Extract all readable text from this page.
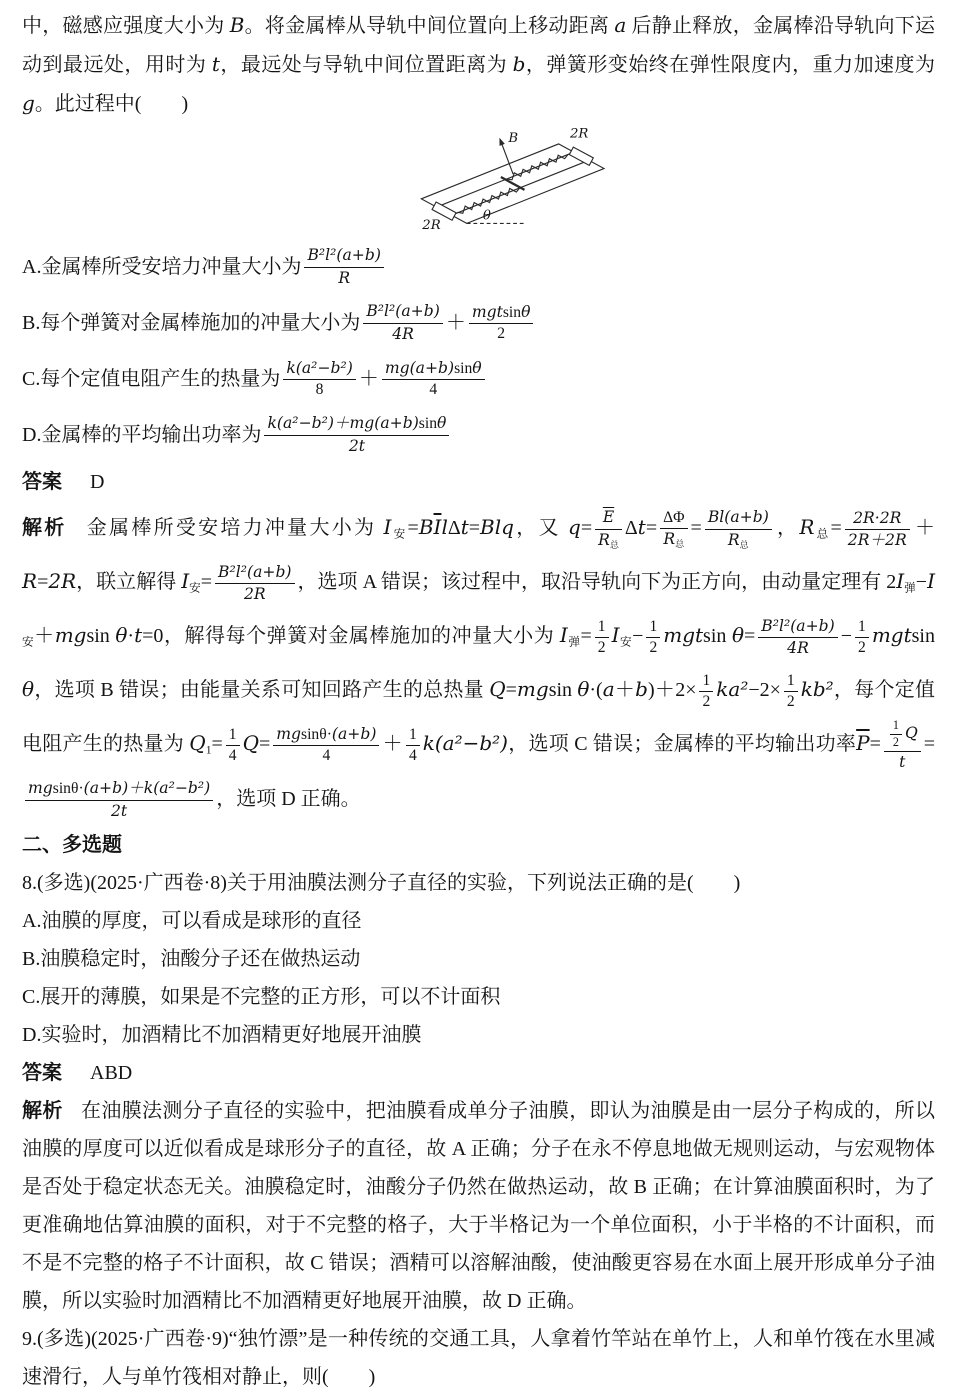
中，磁感应强度大小为 B。将金属棒从导轨中间位置向上移动距离 a 后静止释放，金属棒沿导轨向下运动到最远处，用时为 t，最远处与导轨中间位置距离为 b，弹簧形变始终在弹性限度内，重力加速度为 g。此过程中(　　)

B	2R
2R
θ

A.金属棒所受安培力冲量大小为 $\frac{\text{B²l²(a+b)}}{R}$

B.每个弹簧对金属棒施加的冲量大小为 $\frac{\text{B²l²(a+b)}}{4R} + \frac{\text{mgtsinθ}}{2}$

C.每个定值电阻产生的热量为 $\frac{\text{k(a²−b²)}}{8} + \frac{mg(a+b)\sin\theta}{4}$

D.金属棒的平均输出功率为 $\frac{\text{k(a²−b²)＋mg(a+b)sinθ}}{2t}$

答案 D

解析 金属棒所受安培力冲量大小为 I安$=B\overline{I}l\Delta t=Blq$，又 $q= \frac{\overline{E}}{\text{R总}} \Delta t= \frac{\Delta\Phi}{\text{R总}} = \frac{Bl(a+b)}{\text{R总}}$ ，R总= $\frac{2R\cdot 2R}{2R+2R} +R=2R$，联立解得 I安= $\frac{\text{B²l²(a+b)}}{2R}$ ，选项 A 错误；该过程中，取沿导轨向下为正方向，由动量定理有 2I弹−I安＋mgsin θ·t=0，解得每个弹簧对金属棒施加的冲量大小为 I弹= $\frac{1}{2}$ I安− $\frac{1}{2}$ mgtsin $\theta= \frac{\text{B²l²(a+b)}}{4R} - \frac{1}{2}$ mgtsin θ，选项 B 错误；由能量关系可知回路产生的总热量 Q=mgsin $\theta\cdot(a+b)+2\times \frac{1}{2} ka^2-2\times \frac{1}{2} kb^2$，每个定值电阻产生的热量为 $Q1= \frac{1}{4} Q= \frac{mgsin\theta\cdot(a+b)}{4} + \frac{1}{4} k(a^2-b^2)$，选项 C 错误；金属棒的平均输出功率$\overline{P}= \frac{\frac{1}{2} Q}{t}$ =
$\frac{\text{mgsinθ·(a+b)＋k(a²−b²)}}{2t}$ ，选项 D 正确。

二、多选题

8.(多选)(2025·广西卷·8)关于用油膜法测分子直径的实验，下列说法正确的是(　　)

A.油膜的厚度，可以看成是球形的直径

B.油膜稳定时，油酸分子还在做热运动

C.展开的薄膜，如果是不完整的正方形，可以不计面积

D.实验时，加酒精比不加酒精更好地展开油膜

答案 ABD

解析 在油膜法测分子直径的实验中，把油膜看成单分子油膜，即认为油膜是由一层分子构成的，所以油膜的厚度可以近似看成是球形分子的直径，故 A 正确；分子在永不停息地做无规则运动，与宏观物体是否处于稳定状态无关。油膜稳定时，油酸分子仍然在做热运动，故 B 正确；在计算油膜面积时，为了更准确地估算油膜的面积，对于不完整的格子，大于半格记为一个单位面积，小于半格的不计面积，而不是不完整的格子不计面积，故 C 错误；酒精可以溶解油酸，使油酸更容易在水面上展开形成单分子油膜，所以实验时加酒精比不加酒精更好地展开油膜，故 D 正确。

9.(多选)(2025·广西卷·9)“独竹漂”是一种传统的交通工具，人拿着竹竿站在单竹上，人和单竹筏在水里减速滑行，人与单竹筏相对静止，则(　　)
